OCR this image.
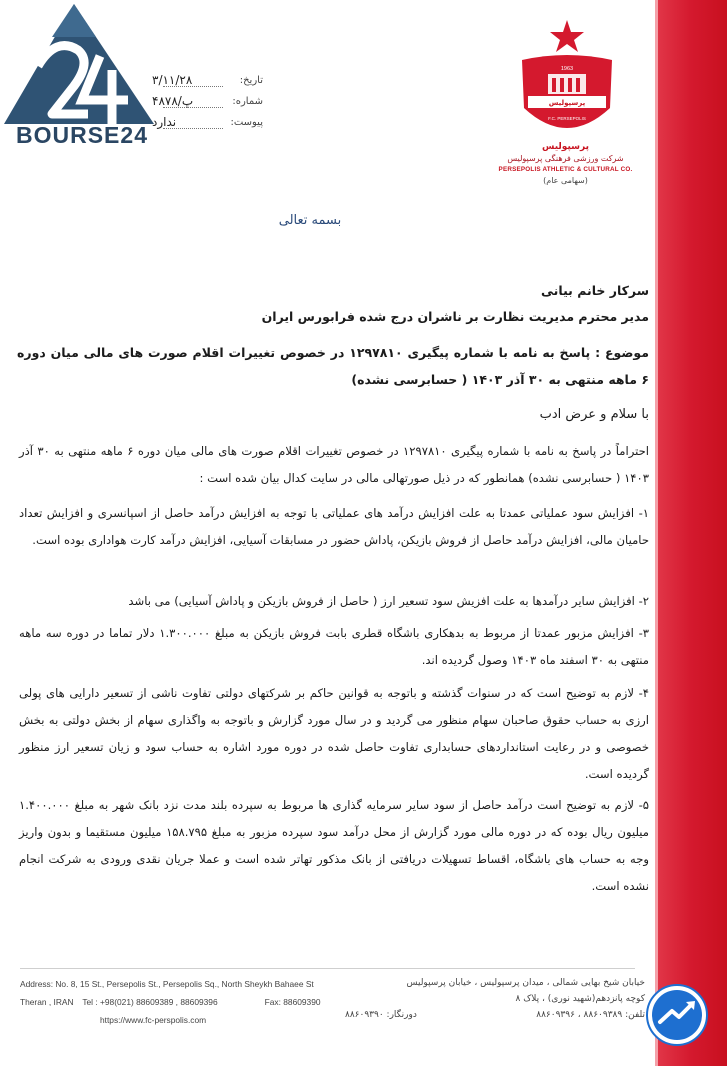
BOURSE24
تاریخ:
۳/۱۱/۲۸
شماره:
۴۸۷۸/پ
پیوست:
ندارد
1963
پرسپولیس
F.C. PERSEPOLIS
پرسپولیس
شرکت ورزشی فرهنگی پرسپولیس
PERSEPOLIS ATHLETIC & CULTURAL CO.
(سهامی عام)
بسمه تعالی
سرکار خانم بیانی
مدیر محترم مدیریت نظارت بر ناشران درج شده فرابورس ایران
موضوع : پاسخ به نامه با شماره پیگیری ۱۲۹۷۸۱۰ در خصوص تغییرات اقلام صورت های مالی میان دوره ۶ ماهه منتهی به ۳۰ آذر ۱۴۰۳ ( حسابرسی نشده)
با سلام و عرض ادب
احتراماً در پاسخ به نامه با شماره پیگیری ۱۲۹۷۸۱۰ در خصوص تغییرات اقلام صورت های مالی میان دوره ۶ ماهه منتهی به ۳۰ آذر ۱۴۰۳ ( حسابرسی نشده) همانطور که در ذیل صورتهالی مالی در سایت کدال بیان شده است :
۱- افزایش سود عملیاتی عمدتا به علت افزایش درآمد های عملیاتی با توجه به افزایش درآمد حاصل از اسپانسری و افزایش تعداد حامیان مالی، افزایش درآمد حاصل از فروش بازیکن، پاداش حضور در مسابقات آسیایی، افزایش درآمد کارت هواداری بوده است.
۲- افزایش سایر درآمدها به علت افزیش سود تسعیر ارز ( حاصل از فروش بازیکن و پاداش آسیایی) می باشد
۳- افزایش مزبور عمدتا از مربوط به بدهکاری باشگاه قطری بابت فروش بازیکن به مبلغ ۱.۳۰۰.۰۰۰ دلار تماما در دوره سه ماهه منتهی به ۳۰ اسفند ماه ۱۴۰۳ وصول گردیده اند.
۴- لازم به توضیح است که در سنوات گذشته و باتوجه به قوانین حاکم بر شرکتهای دولتی تفاوت ناشی از تسعیر دارایی های پولی ارزی به حساب حقوق صاحبان سهام منظور می گردید و در سال مورد گزارش و باتوجه به واگذاری سهام از بخش دولتی به بخش خصوصی و در رعایت استانداردهای حسابداری تفاوت حاصل شده در دوره مورد اشاره به حساب سود و زیان تسعیر ارز منظور گردیده است.
۵- لازم به توضیح است درآمد حاصل از سود سایر سرمایه گذاری ها مربوط به سپرده بلند مدت نزد بانک شهر به مبلغ ۱.۴۰۰.۰۰۰ میلیون ریال بوده که در دوره مالی مورد گزارش از محل درآمد سود سپرده مزبور به مبلغ ۱۵۸.۷۹۵ میلیون مستقیما و بدون واریز وجه به حساب های باشگاه، اقساط تسهیلات دریافتی از بانک مذکور تهاتر شده است و عملا جریان نقدی ورودی به شرکت انجام نشده است.
Address: No. 8, 15 St., Persepolis St., Persepolis Sq., North Sheykh Bahaee St
Theran , IRAN Tel : +98(021) 88609389 , 88609396	Fax: 88609390
https://www.fc-perspolis.com
خیابان شیخ بهایی شمالی ، میدان پرسپولیس ، خیابان پرسپولیس
کوچه پانزدهم(شهید نوری) ، پلاک ۸
تلفن: ۸۸۶۰۹۳۸۹ ، ۸۸۶۰۹۳۹۶
دورنگار: ۸۸۶۰۹۳۹۰
